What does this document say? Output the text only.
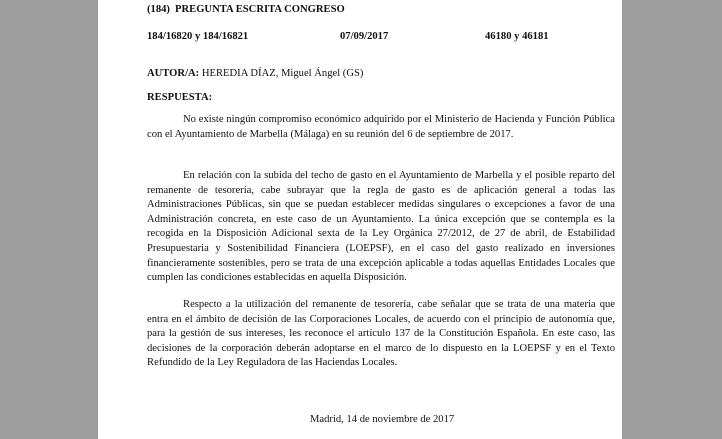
(184) PREGUNTA ESCRITA CONGRESO
184/16820 y 184/16821	07/09/2017	46180 y 46181
AUTOR/A: HEREDIA DÍAZ, Miguel Ángel (GS)
RESPUESTA:
No existe ningún compromiso económico adquirido por el Ministerio de Hacienda y Función Pública con el Ayuntamiento de Marbella (Málaga) en su reunión del 6 de septiembre de 2017.
En relación con la subida del techo de gasto en el Ayuntamiento de Marbella y el posible reparto del remanente de tesorería, cabe subrayar que la regla de gasto es de aplicación general a todas las Administraciones Públicas, sin que se puedan establecer medidas singulares o excepciones a favor de una Administración concreta, en este caso de un Ayuntamiento. La única excepción que se contempla es la recogida en la Disposición Adicional sexta de la Ley Orgánica 27/2012, de 27 de abril, de Estabilidad Presupuestaria y Sostenibilidad Financiera (LOEPSF), en el caso del gasto realizado en inversiones financieramente sostenibles, pero se trata de una excepción aplicable a todas aquellas Entidades Locales que cumplen las condiciones establecidas en aquella Disposición.
Respecto a la utilización del remanente de tesorería, cabe señalar que se trata de una materia que entra en el ámbito de decisión de las Corporaciones Locales, de acuerdo con el principio de autonomía que, para la gestión de sus intereses, les reconoce el artículo 137 de la Constitución Española. En este caso, las decisiones de la corporación deberán adoptarse en el marco de lo dispuesto en la LOEPSF y en el Texto Refundido de la Ley Reguladora de las Haciendas Locales.
Madrid, 14 de noviembre de 2017
